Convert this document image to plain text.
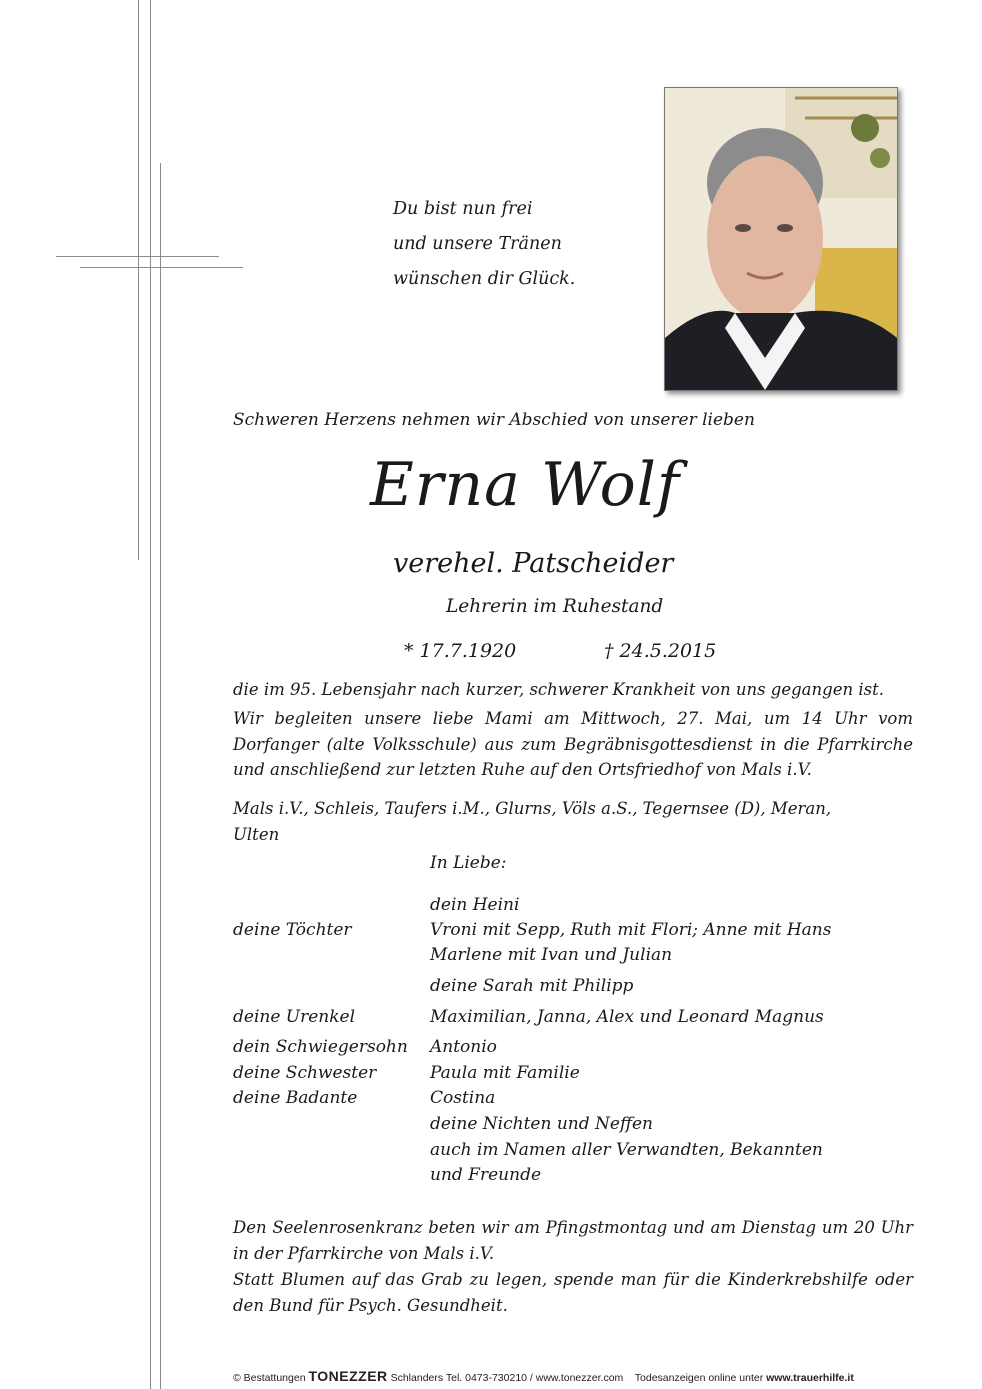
Du bist nun frei
und unsere Tränen
wünschen dir Glück.
Schweren Herzens nehmen wir Abschied von unserer lieben
Erna Wolf
verehel. Patscheider
Lehrerin im Ruhestand
* 17.7.1920	† 24.5.2015
die im 95. Lebensjahr nach kurzer, schwerer Krankheit von uns gegangen ist.
Wir begleiten unsere liebe Mami am Mittwoch, 27. Mai, um 14 Uhr vom Dorfanger (alte Volksschule) aus zum Begräbnisgottesdienst in die Pfarrkirche und anschließend zur letzten Ruhe auf den Ortsfriedhof von Mals i.V.
Mals i.V., Schleis, Taufers i.M., Glurns, Völs a.S., Tegernsee (D), Meran, Ulten
In Liebe:
dein Heini
deine Töchter	Vroni mit Sepp, Ruth mit Flori; Anne mit Hans
Marlene mit Ivan und Julian
deine Sarah mit Philipp
deine Urenkel	Maximilian, Janna, Alex und Leonard Magnus
dein Schwiegersohn Antonio
deine Schwester	Paula mit Familie
deine Badante	Costina
deine Nichten und Neffen
auch im Namen aller Verwandten, Bekannten
und Freunde
Den Seelenrosenkranz beten wir am Pfingstmontag und am Dienstag um 20 Uhr in der Pfarrkirche von Mals i.V.
Statt Blumen auf das Grab zu legen, spende man für die Kinderkrebshilfe oder den Bund für Psych. Gesundheit.
© Bestattungen TONEZZER Schlanders Tel. 0473-730210 / www.tonezzer.com Todesanzeigen online unter www.trauerhilfe.it
